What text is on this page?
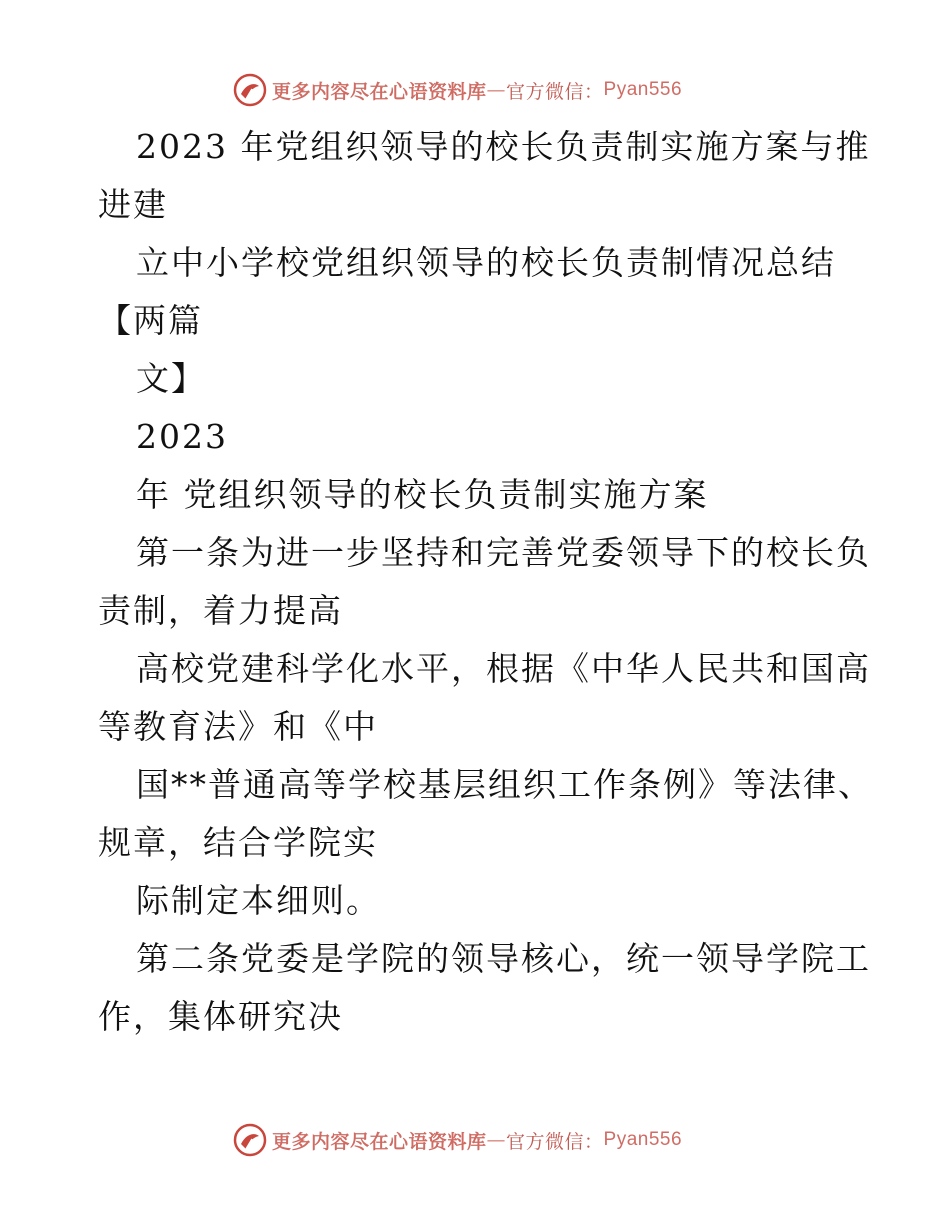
更多内容尽在心语资料库 — 官方微信： Pyan556
2023 年党组织领导的校长负责制实施方案与推
进建
立中小学校党组织领导的校长负责制情况总结
【两篇
文】
2023
年 党组织领导的校长负责制实施方案
第一条为进一步坚持和完善党委领导下的校长负
责制，着力提高
高校党建科学化水平，根据《中华人民共和国高
等教育法》和《中
国**普通高等学校基层组织工作条例》等法律、
规章，结合学院实
际制定本细则。
第二条党委是学院的领导核心，统一领导学院工
作，集体研究决
更多内容尽在心语资料库 — 官方微信： Pyan556
